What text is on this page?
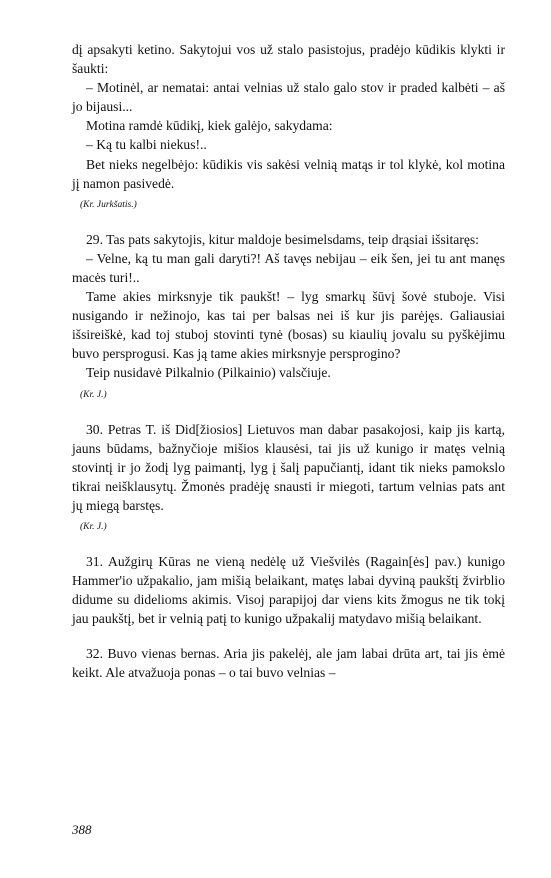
dį apsakyti ketino. Sakytojui vos už stalo pasistojus, pradėjo kūdikis klykti ir šaukti:

– Motinėl, ar nematai: antai velnias už stalo galo stov ir praded kalbėti – aš jo bijausi...

Motina ramdė kūdikį, kiek galėjo, sakydama:

– Ką tu kalbi niekus!..

Bet nieks negelbėjo: kūdikis vis sakėsi velnią matąs ir tol klykė, kol motina jį namon pasivedė.

(Kr. Jurkšatis.)

29. Tas pats sakytojis, kitur maldoje besimelsdams, teip drąsiai išsitaręs:

– Velne, ką tu man gali daryti?! Aš tavęs nebijau – eik šen, jei tu ant manęs macės turi!..

Tame akies mirksnyje tik paukšt! – lyg smarkų šūvį šovė stuboje. Visi nusigando ir nežinojo, kas tai per balsas nei iš kur jis parėjęs. Galiausiai išsireiškė, kad toj stuboj stovinti tynė (bosas) su kiaulių jovalu su pyškėjimu buvo persprogusi. Kas ją tame akies mirksnyje persprogino?

Teip nusidavė Pilkalnio (Pilkainio) valsčiuje.

(Kr. J.)

30. Petras T. iš Did[žiosios] Lietuvos man dabar pasakojosi, kaip jis kartą, jauns būdams, bažnyčioje mišios klausėsi, tai jis už kunigo ir matęs velnią stovintį ir jo žodį lyg paimantį, lyg į šalį papučiantį, idant tik nieks pamokslo tikrai neišklausytų. Žmonės pradėję snausti ir miegoti, tartum velnias pats ant jų miegą barstęs.

(Kr. J.)

31. Aužgirų Kūras ne vieną nedėlę už Viešvilės (Ragain[ės] pav.) kunigo Hammer'io užpakalio, jam mišią belaikant, matęs labai dyviną paukštį žvirblio didume su didelioms akimis. Visoj parapijoj dar viens kits žmogus ne tik tokį jau paukštį, bet ir velnią patį to kunigo užpakalij matydavo mišią belaikant.

32. Buvo vienas bernas. Aria jis pakelėj, ale jam labai drūta art, tai jis ėmė keikt. Ale atvažuoja ponas – o tai buvo velnias –

388
